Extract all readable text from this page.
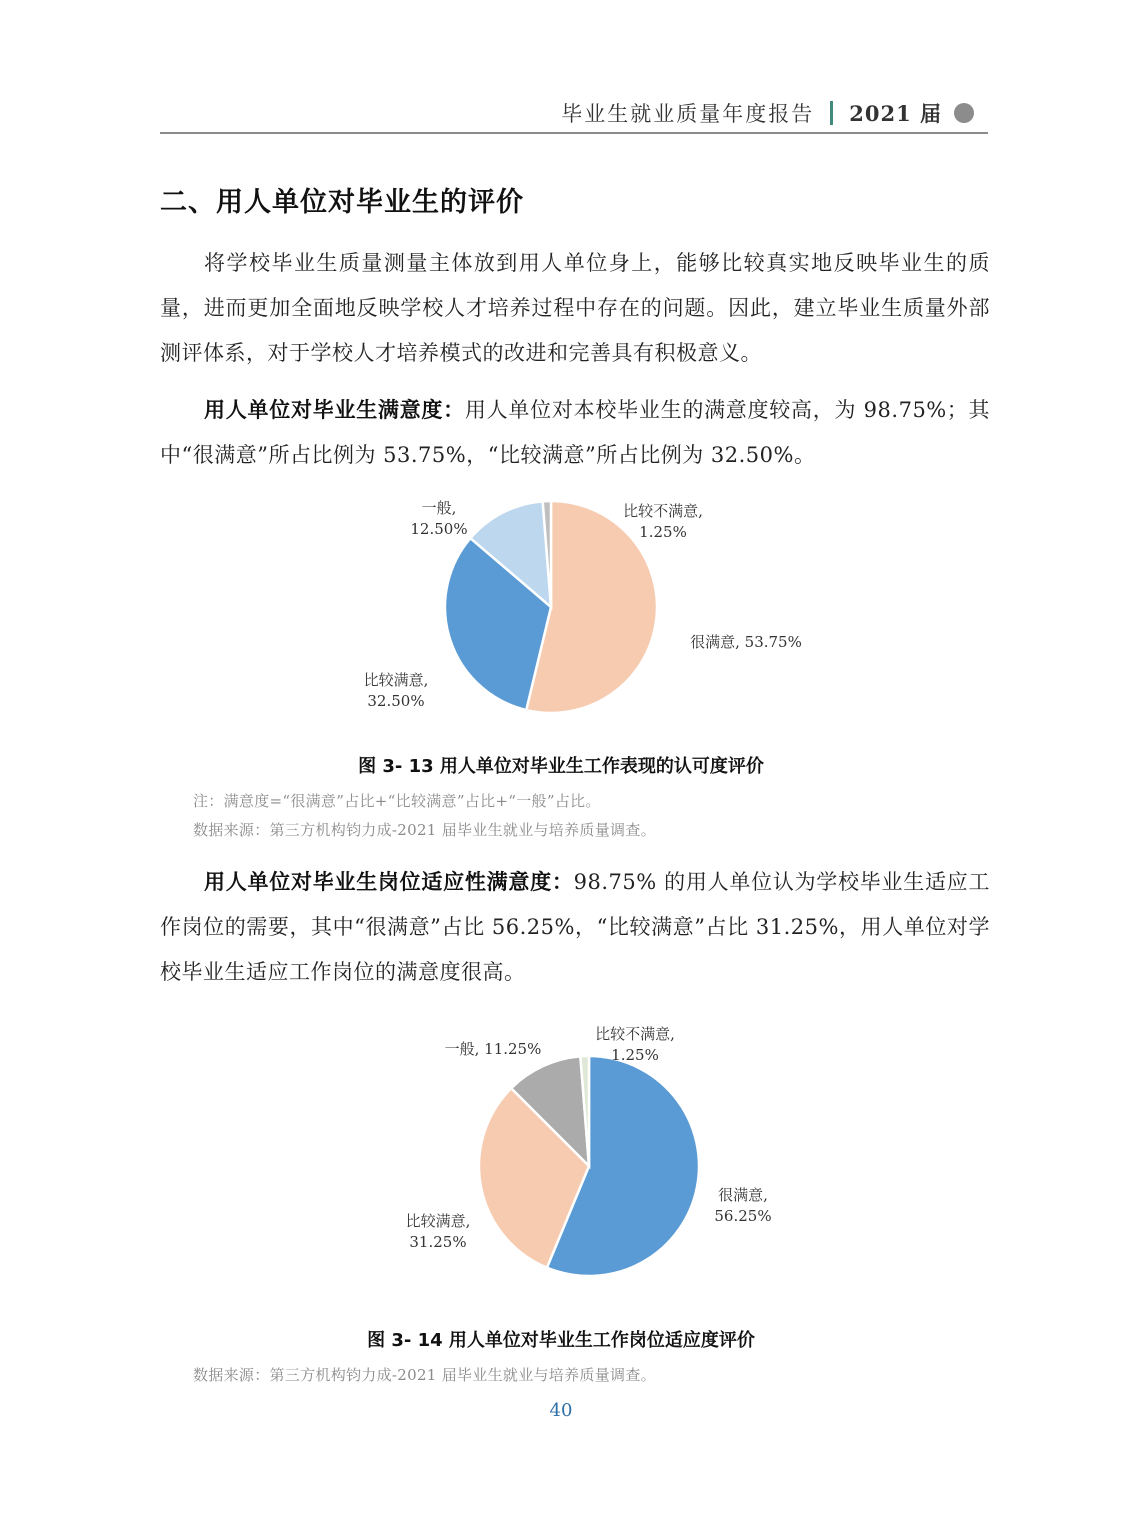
毕业生就业质量年度报告 2021 届
二、用人单位对毕业生的评价
将学校毕业生质量测量主体放到用人单位身上，能够比较真实地反映毕业生的质量，进而更加全面地反映学校人才培养过程中存在的问题。因此，建立毕业生质量外部测评体系，对于学校人才培养模式的改进和完善具有积极意义。
用人单位对毕业生满意度：用人单位对本校毕业生的满意度较高，为 98.75%；其中“很满意”所占比例为 53.75%，“比较满意”所占比例为 32.50%。
很满意, 53.75%
比较满意, 32.50%
一般, 12.50%
比较不满意, 1.25%
图 3- 13 用人单位对毕业生工作表现的认可度评价
注：满意度=“很满意”占比+“比较满意”占比+“一般”占比。
数据来源：第三方机构钧力成-2021 届毕业生就业与培养质量调查。
用人单位对毕业生岗位适应性满意度：98.75% 的用人单位认为学校毕业生适应工作岗位的需要，其中“很满意”占比 56.25%，“比较满意”占比 31.25%，用人单位对学校毕业生适应工作岗位的满意度很高。
很满意, 56.25%
比较满意, 31.25%
一般, 11.25%
比较不满意, 1.25%
图 3- 14 用人单位对毕业生工作岗位适应度评价
数据来源：第三方机构钧力成-2021 届毕业生就业与培养质量调查。
40
